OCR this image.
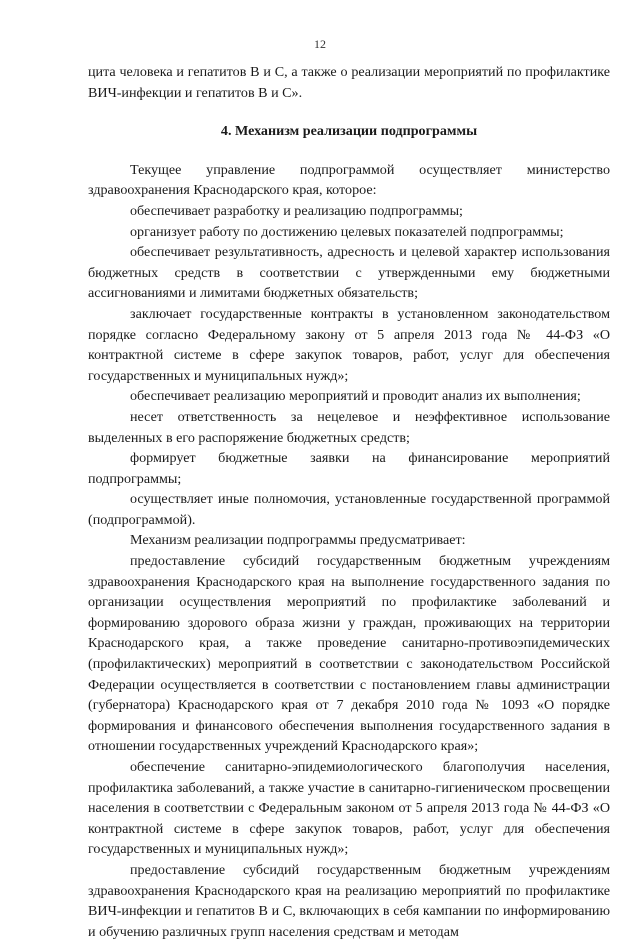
12

цита человека и гепатитов В и С, а также о реализации мероприятий по профилактике ВИЧ-инфекции и гепатитов В и С».

4. Механизм реализации подпрограммы

Текущее управление подпрограммой осуществляет министерство здравоохранения Краснодарского края, которое:

обеспечивает разработку и реализацию подпрограммы;

организует работу по достижению целевых показателей подпрограммы;

обеспечивает результативность, адресность и целевой характер использования бюджетных средств в соответствии с утвержденными ему бюджетными ассигнованиями и лимитами бюджетных обязательств;

заключает государственные контракты в установленном законодательством порядке согласно Федеральному закону от 5 апреля 2013 года № 44-ФЗ «О контрактной системе в сфере закупок товаров, работ, услуг для обеспечения государственных и муниципальных нужд»;

обеспечивает реализацию мероприятий и проводит анализ их выполнения;

несет ответственность за нецелевое и неэффективное использование выделенных в его распоряжение бюджетных средств;

формирует бюджетные заявки на финансирование мероприятий подпрограммы;

осуществляет иные полномочия, установленные государственной программой (подпрограммой).

Механизм реализации подпрограммы предусматривает:

предоставление субсидий государственным бюджетным учреждениям здравоохранения Краснодарского края на выполнение государственного задания по организации осуществления мероприятий по профилактике заболеваний и формированию здорового образа жизни у граждан, проживающих на территории Краснодарского края, а также проведение санитарно-противоэпидемических (профилактических) мероприятий в соответствии с законодательством Российской Федерации осуществляется в соответствии с постановлением главы администрации (губернатора) Краснодарского края от 7 декабря 2010 года № 1093 «О порядке формирования и финансового обеспечения выполнения государственного задания в отношении государственных учреждений Краснодарского края»;

обеспечение санитарно-эпидемиологического благополучия населения, профилактика заболеваний, а также участие в санитарно-гигиеническом просвещении населения в соответствии с Федеральным законом от 5 апреля 2013 года № 44-ФЗ «О контрактной системе в сфере закупок товаров, работ, услуг для обеспечения государственных и муниципальных нужд»;

предоставление субсидий государственным бюджетным учреждениям здравоохранения Краснодарского края на реализацию мероприятий по профилактике ВИЧ-инфекции и гепатитов В и С, включающих в себя кампании по информированию и обучению различных групп населения средствам и методам
